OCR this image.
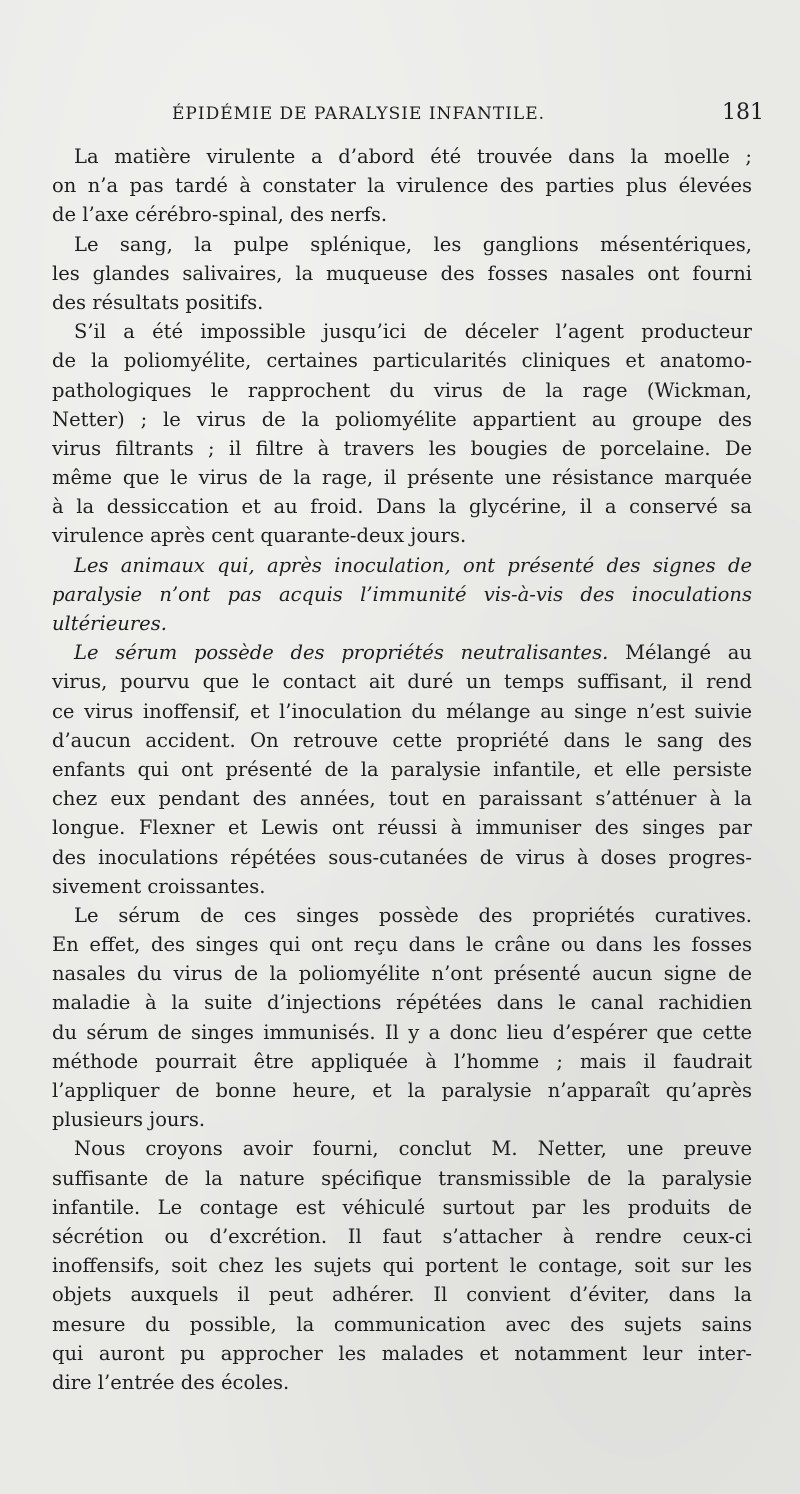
ÉPIDÉMIE DE PARALYSIE INFANTILE.	181
La matière virulente a d’abord été trouvée dans la moelle ;
on n’a pas tardé à constater la virulence des parties plus élevées
de l’axe cérébro-spinal, des nerfs.
Le sang, la pulpe splénique, les ganglions mésentériques,
les glandes salivaires, la muqueuse des fosses nasales ont fourni
des résultats positifs.
S’il a été impossible jusqu’ici de déceler l’agent producteur
de la poliomyélite, certaines particularités cliniques et anatomo-
pathologiques le rapprochent du virus de la rage (Wickman,
Netter) ; le virus de la poliomyélite appartient au groupe des
virus filtrants ; il filtre à travers les bougies de porcelaine. De
même que le virus de la rage, il présente une résistance marquée
à la dessiccation et au froid. Dans la glycérine, il a conservé sa
virulence après cent quarante-deux jours.
Les animaux qui, après inoculation, ont présenté des signes de
paralysie n’ont pas acquis l’immunité vis-à-vis des inoculations
ultérieures.
Le sérum possède des propriétés neutralisantes. Mélangé au
virus, pourvu que le contact ait duré un temps suffisant, il rend
ce virus inoffensif, et l’inoculation du mélange au singe n’est suivie
d’aucun accident. On retrouve cette propriété dans le sang des
enfants qui ont présenté de la paralysie infantile, et elle persiste
chez eux pendant des années, tout en paraissant s’atténuer à la
longue. Flexner et Lewis ont réussi à immuniser des singes par
des inoculations répétées sous-cutanées de virus à doses progres-
sivement croissantes.
Le sérum de ces singes possède des propriétés curatives.
En effet, des singes qui ont reçu dans le crâne ou dans les fosses
nasales du virus de la poliomyélite n’ont présenté aucun signe de
maladie à la suite d’injections répétées dans le canal rachidien
du sérum de singes immunisés. Il y a donc lieu d’espérer que cette
méthode pourrait être appliquée à l’homme ; mais il faudrait
l’appliquer de bonne heure, et la paralysie n’apparaît qu’après
plusieurs jours.
Nous croyons avoir fourni, conclut M. Netter, une preuve
suffisante de la nature spécifique transmissible de la paralysie
infantile. Le contage est véhiculé surtout par les produits de
sécrétion ou d’excrétion. Il faut s’attacher à rendre ceux-ci
inoffensifs, soit chez les sujets qui portent le contage, soit sur les
objets auxquels il peut adhérer. Il convient d’éviter, dans la
mesure du possible, la communication avec des sujets sains
qui auront pu approcher les malades et notamment leur inter-
dire l’entrée des écoles.
